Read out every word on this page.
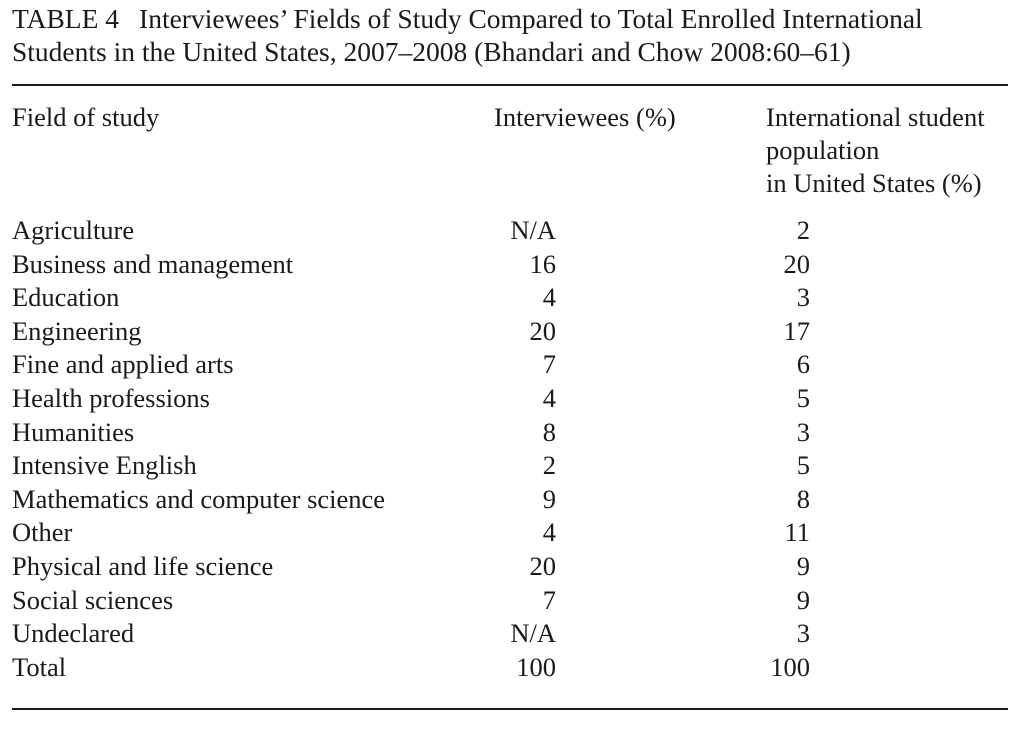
TABLE 4 Interviewees’ Fields of Study Compared to Total Enrolled International
Students in the United States, 2007–2008 (Bhandari and Chow 2008:60–61)
Field of study	Interviewees (%)	International student
population
in United States (%)
Agriculture	N/A	2
Business and management	16	20
Education	4	3
Engineering	20	17
Fine and applied arts	7	6
Health professions	4	5
Humanities	8	3
Intensive English	2	5
Mathematics and computer science	9	8
Other	4	11
Physical and life science	20	9
Social sciences	7	9
Undeclared	N/A	3
Total	100	100
